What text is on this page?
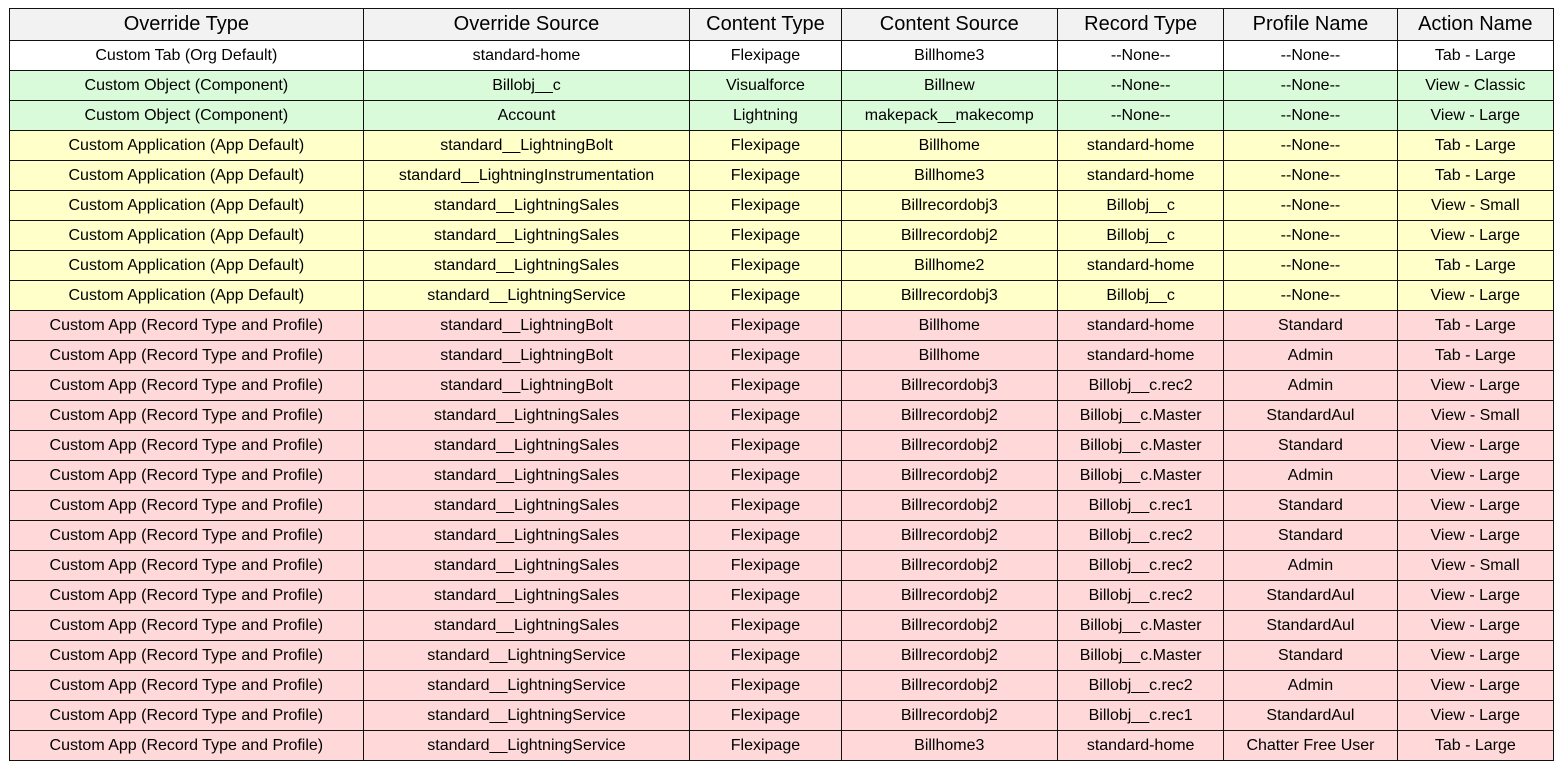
Override Type	Override Source	Content Type	Content Source	Record Type	Profile Name	Action Name
Custom Tab (Org Default)	standard-home	Flexipage	Billhome3	--None--	--None--	Tab - Large
Custom Object (Component)	Billobj__c	Visualforce	Billnew	--None--	--None--	View - Classic
Custom Object (Component)	Account	Lightning	makepack__makecomp	--None--	--None--	View - Large
Custom Application (App Default)	standard__LightningBolt	Flexipage	Billhome	standard-home	--None--	Tab - Large
Custom Application (App Default)	standard__LightningInstrumentation	Flexipage	Billhome3	standard-home	--None--	Tab - Large
Custom Application (App Default)	standard__LightningSales	Flexipage	Billrecordobj3	Billobj__c	--None--	View - Small
Custom Application (App Default)	standard__LightningSales	Flexipage	Billrecordobj2	Billobj__c	--None--	View - Large
Custom Application (App Default)	standard__LightningSales	Flexipage	Billhome2	standard-home	--None--	Tab - Large
Custom Application (App Default)	standard__LightningService	Flexipage	Billrecordobj3	Billobj__c	--None--	View - Large
Custom App (Record Type and Profile)	standard__LightningBolt	Flexipage	Billhome	standard-home	Standard	Tab - Large
Custom App (Record Type and Profile)	standard__LightningBolt	Flexipage	Billhome	standard-home	Admin	Tab - Large
Custom App (Record Type and Profile)	standard__LightningBolt	Flexipage	Billrecordobj3	Billobj__c.rec2	Admin	View - Large
Custom App (Record Type and Profile)	standard__LightningSales	Flexipage	Billrecordobj2	Billobj__c.Master	StandardAul	View - Small
Custom App (Record Type and Profile)	standard__LightningSales	Flexipage	Billrecordobj2	Billobj__c.Master	Standard	View - Large
Custom App (Record Type and Profile)	standard__LightningSales	Flexipage	Billrecordobj2	Billobj__c.Master	Admin	View - Large
Custom App (Record Type and Profile)	standard__LightningSales	Flexipage	Billrecordobj2	Billobj__c.rec1	Standard	View - Large
Custom App (Record Type and Profile)	standard__LightningSales	Flexipage	Billrecordobj2	Billobj__c.rec2	Standard	View - Large
Custom App (Record Type and Profile)	standard__LightningSales	Flexipage	Billrecordobj2	Billobj__c.rec2	Admin	View - Small
Custom App (Record Type and Profile)	standard__LightningSales	Flexipage	Billrecordobj2	Billobj__c.rec2	StandardAul	View - Large
Custom App (Record Type and Profile)	standard__LightningSales	Flexipage	Billrecordobj2	Billobj__c.Master	StandardAul	View - Large
Custom App (Record Type and Profile)	standard__LightningService	Flexipage	Billrecordobj2	Billobj__c.Master	Standard	View - Large
Custom App (Record Type and Profile)	standard__LightningService	Flexipage	Billrecordobj2	Billobj__c.rec2	Admin	View - Large
Custom App (Record Type and Profile)	standard__LightningService	Flexipage	Billrecordobj2	Billobj__c.rec1	StandardAul	View - Large
Custom App (Record Type and Profile)	standard__LightningService	Flexipage	Billhome3	standard-home	Chatter Free User	Tab - Large
